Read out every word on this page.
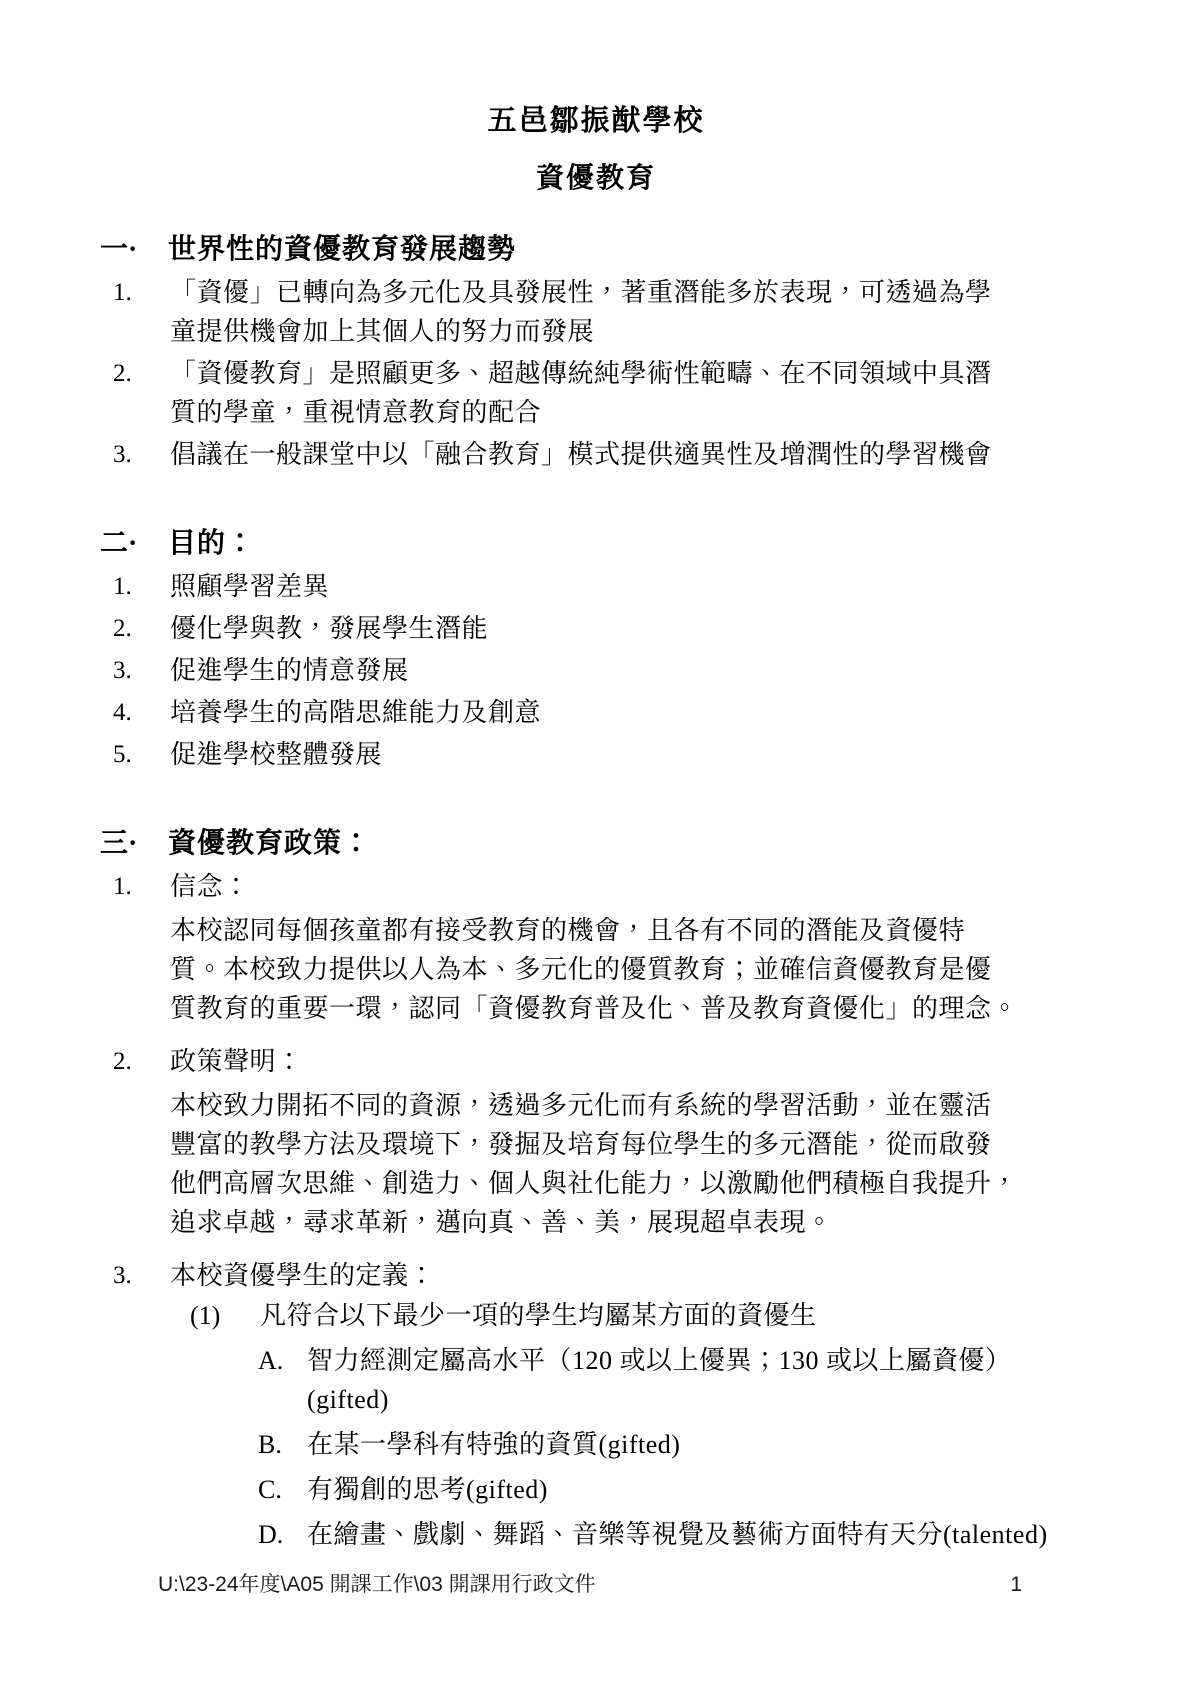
五邑鄒振猷學校
資優教育
一·	世界性的資優教育發展趨勢
1.	「資優」已轉向為多元化及具發展性，著重潛能多於表現，可透過為學
童提供機會加上其個人的努力而發展
2.	「資優教育」是照顧更多、超越傳統純學術性範疇、在不同領域中具潛
質的學童，重視情意教育的配合
3.	倡議在一般課堂中以「融合教育」模式提供適異性及增潤性的學習機會
二·	目的：
1.	照顧學習差異
2.	優化學與教，發展學生潛能
3.	促進學生的情意發展
4.	培養學生的高階思維能力及創意
5.	促進學校整體發展
三·	資優教育政策：
1.	信念：
本校認同每個孩童都有接受教育的機會，且各有不同的潛能及資優特
質。本校致力提供以人為本、多元化的優質教育；並確信資優教育是優
質教育的重要一環，認同「資優教育普及化、普及教育資優化」的理念。
2.	政策聲明：
本校致力開拓不同的資源，透過多元化而有系統的學習活動，並在靈活
豐富的教學方法及環境下，發掘及培育每位學生的多元潛能，從而啟發
他們高層次思維、創造力、個人與社化能力，以激勵他們積極自我提升，
追求卓越，尋求革新，邁向真、善、美，展現超卓表現。
3.	本校資優學生的定義：
(1)	凡符合以下最少一項的學生均屬某方面的資優生
A. 智力經測定屬高水平（120 或以上優異；130 或以上屬資優）
(gifted)
B. 在某一學科有特強的資質(gifted)
C. 有獨創的思考(gifted)
D. 在繪畫、戲劇、舞蹈、音樂等視覺及藝術方面特有天分(talented)
U:\23-24年度\A05 開課工作\03 開課用行政文件	1
